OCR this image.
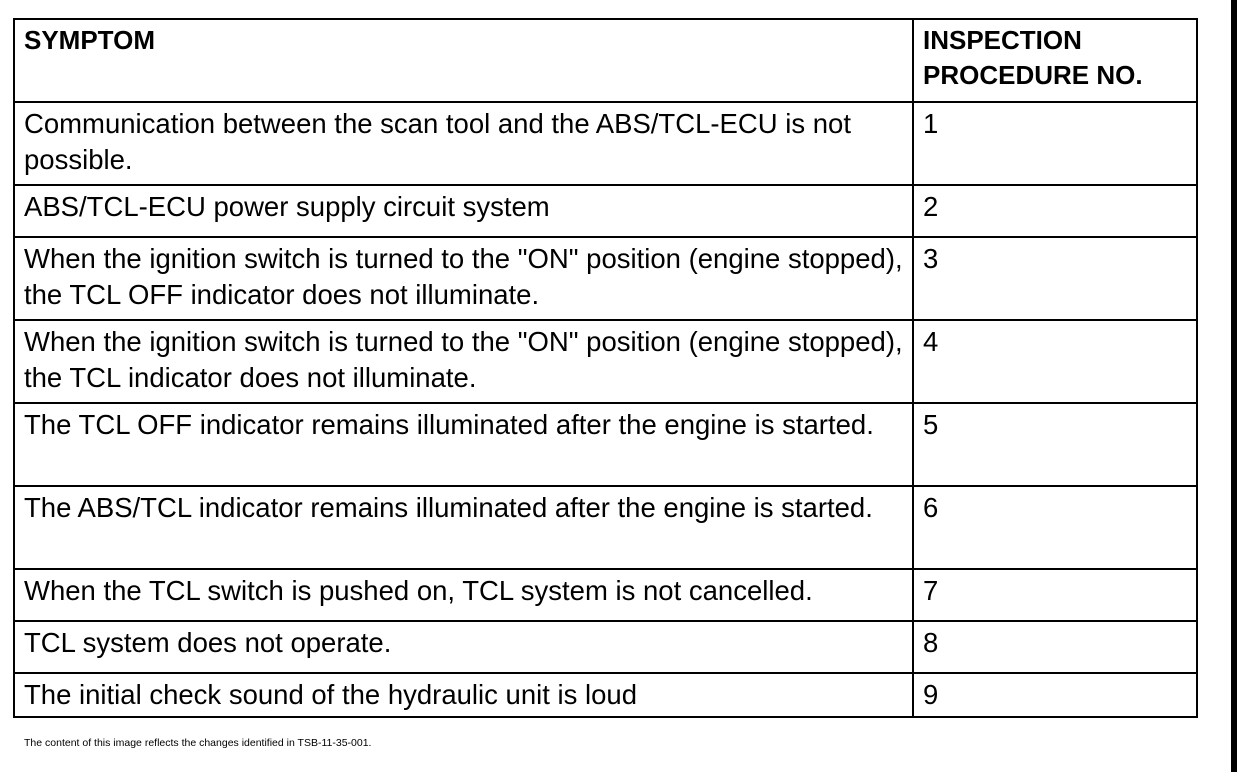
SYMPTOM	INSPECTION
PROCEDURE NO.
Communication between the scan tool and the ABS/TCL-ECU is not possible.	1
ABS/TCL-ECU power supply circuit system	2
When the ignition switch is turned to the "ON" position (engine stopped), the TCL OFF indicator does not illuminate.	3
When the ignition switch is turned to the "ON" position (engine stopped), the TCL indicator does not illuminate.	4
The TCL OFF indicator remains illuminated after the engine is started.	5
The ABS/TCL indicator remains illuminated after the engine is started.	6
When the TCL switch is pushed on, TCL system is not cancelled.	7
TCL system does not operate.	8
The initial check sound of the hydraulic unit is loud	9
The content of this image reflects the changes identified in TSB-11-35-001.
